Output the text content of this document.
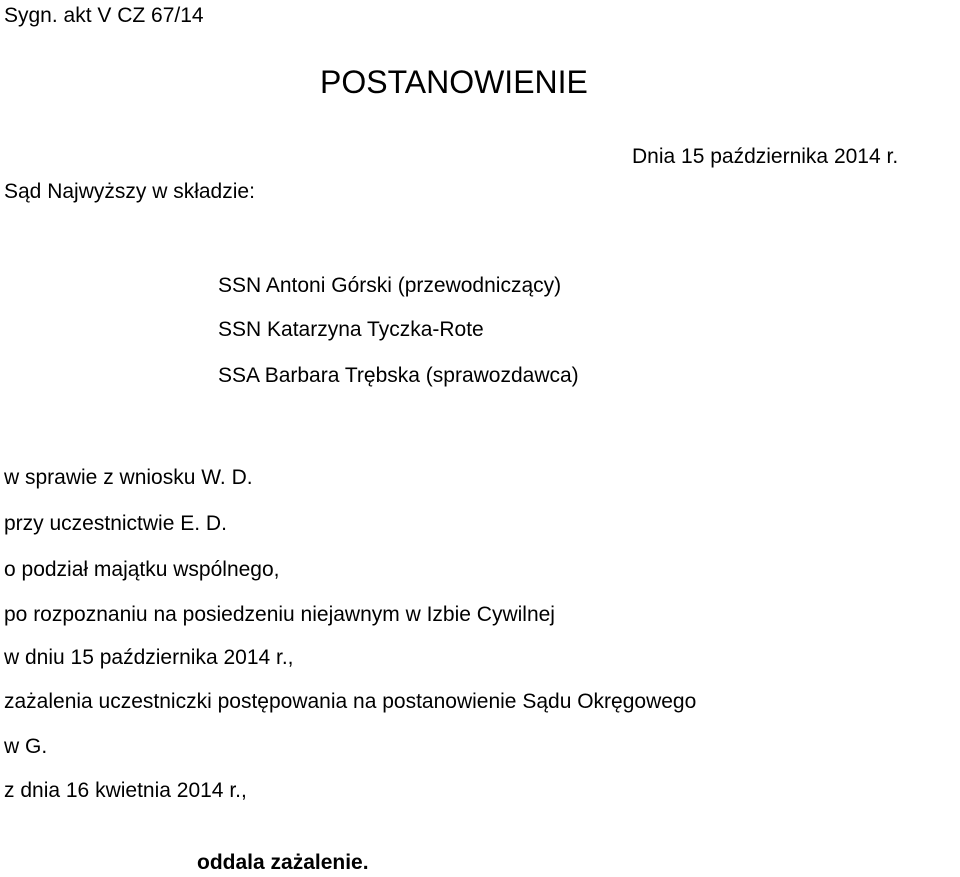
Sygn. akt V CZ 67/14
POSTANOWIENIE
Dnia 15 października 2014 r.
Sąd Najwyższy w składzie:
SSN Antoni Górski (przewodniczący)
SSN Katarzyna Tyczka-Rote
SSA Barbara Trębska (sprawozdawca)
w sprawie z wniosku W. D.
przy uczestnictwie E. D.
o podział majątku wspólnego,
po rozpoznaniu na posiedzeniu niejawnym w Izbie Cywilnej
w dniu 15 października 2014 r.,
zażalenia uczestniczki postępowania na postanowienie Sądu Okręgowego
w G.
z dnia 16 kwietnia 2014 r.,
oddala zażalenie.
